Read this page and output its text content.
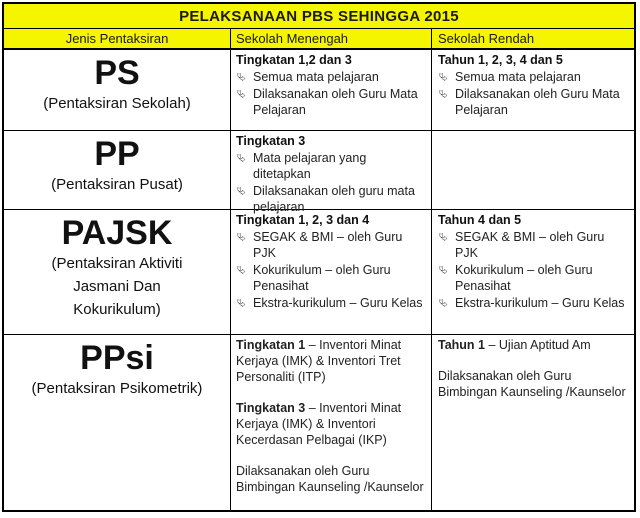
PELAKSANAAN PBS SEHINGGA 2015
Jenis Pentaksiran	Sekolah Menengah	Sekolah Rendah
PS
(Pentaksiran Sekolah)
Tingkatan 1,2 dan 3
⮱ Semua mata pelajaran
⮱ Dilaksanakan oleh Guru Mata Pelajaran
Tahun 1, 2, 3, 4 dan 5
⮱ Semua mata pelajaran
⮱ Dilaksanakan oleh Guru Mata Pelajaran
PP
(Pentaksiran Pusat)
Tingkatan 3
⮱ Mata pelajaran yang ditetapkan
⮱ Dilaksanakan oleh guru mata pelajaran
PAJSK
(Pentaksiran Aktiviti
Jasmani Dan
Kokurikulum)
Tingkatan 1, 2, 3 dan 4
⮱ SEGAK & BMI – oleh Guru PJK
⮱ Kokurikulum – oleh Guru Penasihat
⮱ Ekstra-kurikulum – Guru Kelas
Tahun 4 dan 5
⮱ SEGAK & BMI – oleh Guru PJK
⮱ Kokurikulum – oleh Guru Penasihat
⮱ Ekstra-kurikulum – Guru Kelas
PPsi
(Pentaksiran Psikometrik)
Tingkatan 1 – Inventori Minat Kerjaya (IMK) & Inventori Tret Personaliti (ITP)
Tingkatan 3 – Inventori Minat Kerjaya (IMK) & Inventori Kecerdasan Pelbagai (IKP)
Dilaksanakan oleh Guru Bimbingan Kaunseling /Kaunselor
Tahun 1 – Ujian Aptitud Am
Dilaksanakan oleh Guru Bimbingan Kaunseling /Kaunselor
